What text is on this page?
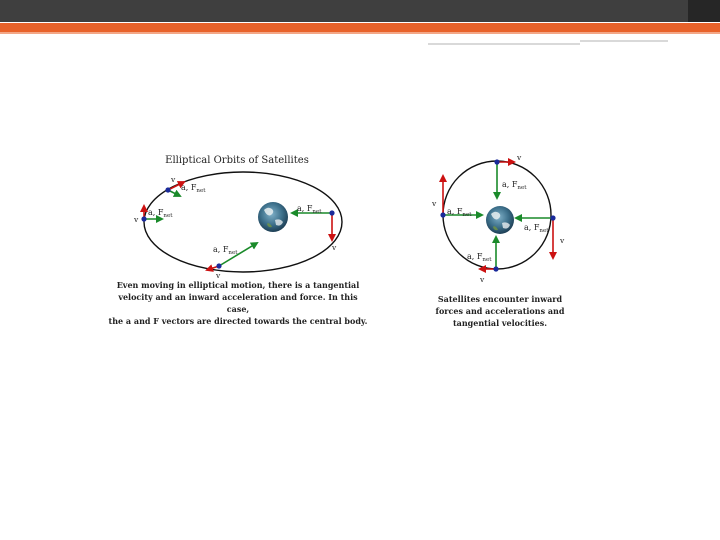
Elliptical Orbits of Satellites
v
a, $F_{net}$
v
a, $F_{net}$
v
a, $F_{net}$
v
a, $F_{net}$
v
a, $F_{net}$
v
a, $F_{net}$
v
a, $F_{net}$
v
a, $F_{net}$
Even moving in elliptical motion, there is a tangential
velocity and an inward acceleration and force. In this case,
the a and F vectors are directed towards the central body.
Satellites encounter inward
forces and accelerations and
tangential velocities.
